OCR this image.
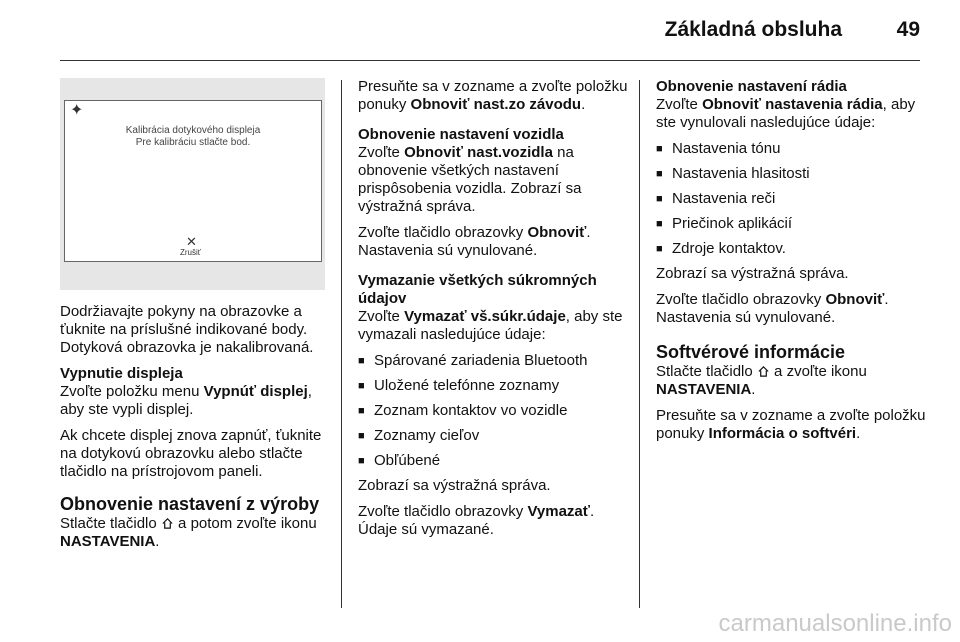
Základná obsluha	49
✦
Kalibrácia dotykového displeja
Pre kalibráciu stlačte bod.
✕
Zrušiť

Dodržiavajte pokyny na obrazovke a ťuknite na príslušné indikované body. Dotyková obrazovka je nakalibrovaná.

Vypnutie displeja

Zvoľte položku menu Vypnúť displej, aby ste vypli displej.

Ak chcete displej znova zapnúť, ťuknite na dotykovú obrazovku alebo stlačte tlačidlo na prístrojovom paneli.

Obnovenie nastavení z výroby

Stlačte tlačidlo  a potom zvoľte ikonu NASTAVENIA.

Presuňte sa v zozname a zvoľte položku ponuky Obnoviť nast.zo závodu.

Obnovenie nastavení vozidla

Zvoľte Obnoviť nast.vozidla na obnovenie všetkých nastavení prispôsobenia vozidla. Zobrazí sa výstražná správa.

Zvoľte tlačidlo obrazovky Obnoviť. Nastavenia sú vynulované.

Vymazanie všetkých súkromných údajov

Zvoľte Vymazať vš.súkr.údaje, aby ste vymazali nasledujúce údaje:

■ Spárované zariadenia Bluetooth
■ Uložené telefónne zoznamy
■ Zoznam kontaktov vo vozidle
■ Zoznamy cieľov
■ Obľúbené

Zobrazí sa výstražná správa.

Zvoľte tlačidlo obrazovky Vymazať. Údaje sú vymazané.

Obnovenie nastavení rádia

Zvoľte Obnoviť nastavenia rádia, aby ste vynulovali nasledujúce údaje:

■ Nastavenia tónu
■ Nastavenia hlasitosti
■ Nastavenia reči
■ Priečinok aplikácií
■ Zdroje kontaktov.

Zobrazí sa výstražná správa.

Zvoľte tlačidlo obrazovky Obnoviť. Nastavenia sú vynulované.

Softvérové informácie

Stlačte tlačidlo  a zvoľte ikonu NASTAVENIA.

Presuňte sa v zozname a zvoľte položku ponuky Informácia o softvéri.

carmanualsonline.info
